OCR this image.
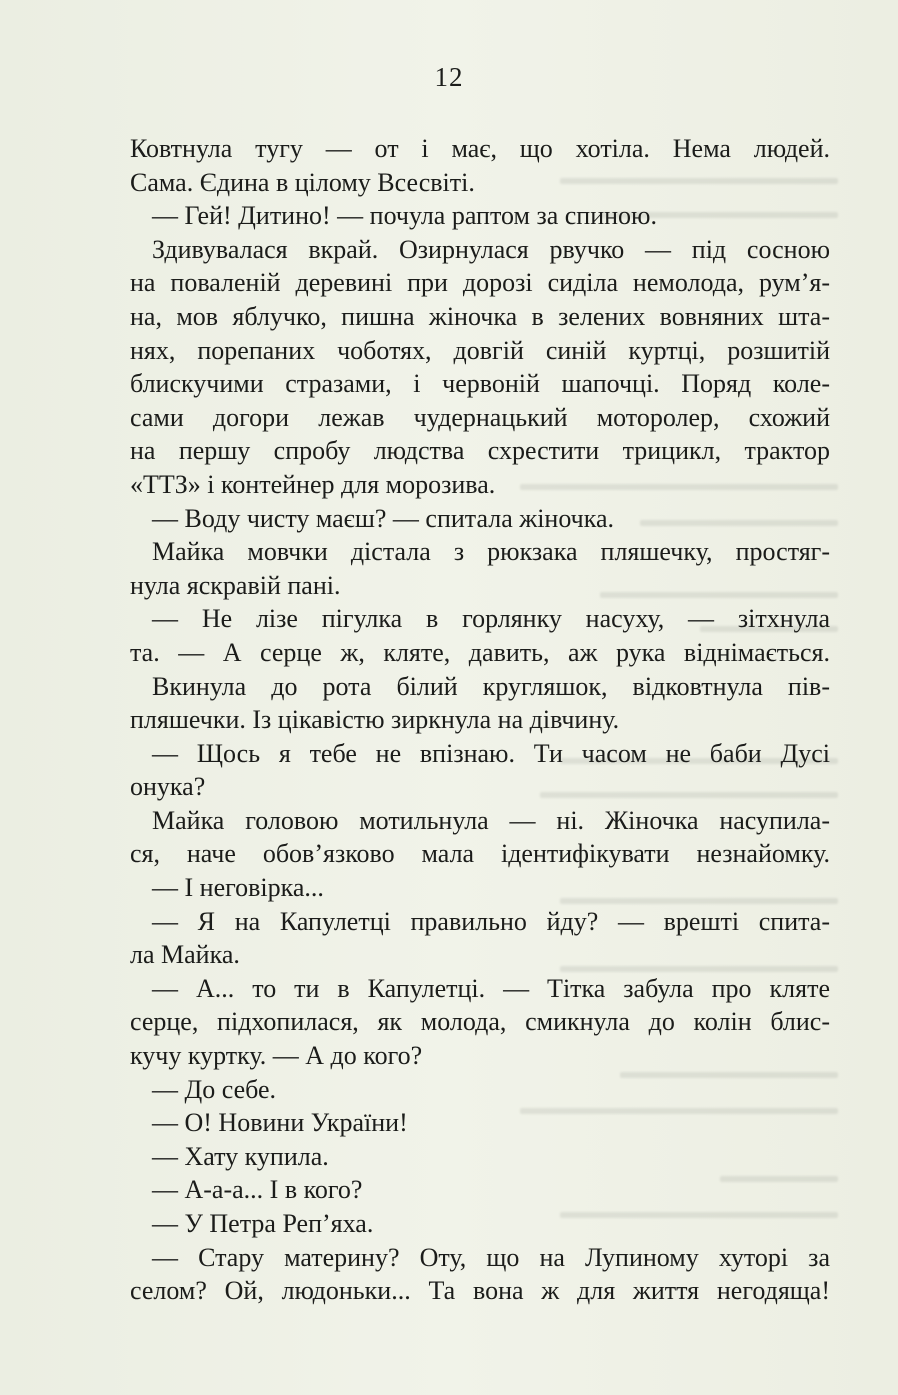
12
Ковтнула тугу — от і має, що хотіла. Нема людей.
Сама. Єдина в цілому Всесвіті.
— Гей! Дитино! — почула раптом за спиною.
Здивувалася вкрай. Озирнулася рвучко — під сосною
на поваленій деревині при дорозі сиділа немолода, рум’я-
на, мов яблучко, пишна жіночка в зелених вовняних шта-
нях, порепаних чоботях, довгій синій куртці, розшитій
блискучими стразами, і червоній шапочці. Поряд коле-
сами догори лежав чудернацький моторолер, схожий
на першу спробу людства схрестити трицикл, трактор
«ТТЗ» і контейнер для морозива.
— Воду чисту маєш? — спитала жіночка.
Майка мовчки дістала з рюкзака пляшечку, простяг-
нула яскравій пані.
— Не лізе пігулка в горлянку насуху, — зітхнула
та. — А серце ж, кляте, давить, аж рука віднімається.
Вкинула до рота білий кругляшок, відковтнула пів-
пляшечки. Із цікавістю зиркнула на дівчину.
— Щось я тебе не впізнаю. Ти часом не баби Дусі
онука?
Майка головою мотильнула — ні. Жіночка насупила-
ся, наче обов’язково мала ідентифікувати незнайомку.
— І неговірка...
— Я на Капулетці правильно йду? — врешті спита-
ла Майка.
— А... то ти в Капулетці. — Тітка забула про кляте
серце, підхопилася, як молода, смикнула до колін блис-
кучу куртку. — А до кого?
— До себе.
— О! Новини України!
— Хату купила.
— А-а-а... І в кого?
— У Петра Реп’яха.
— Стару материну? Оту, що на Лупиному хуторі за
селом? Ой, людоньки... Та вона ж для життя негодяща!
